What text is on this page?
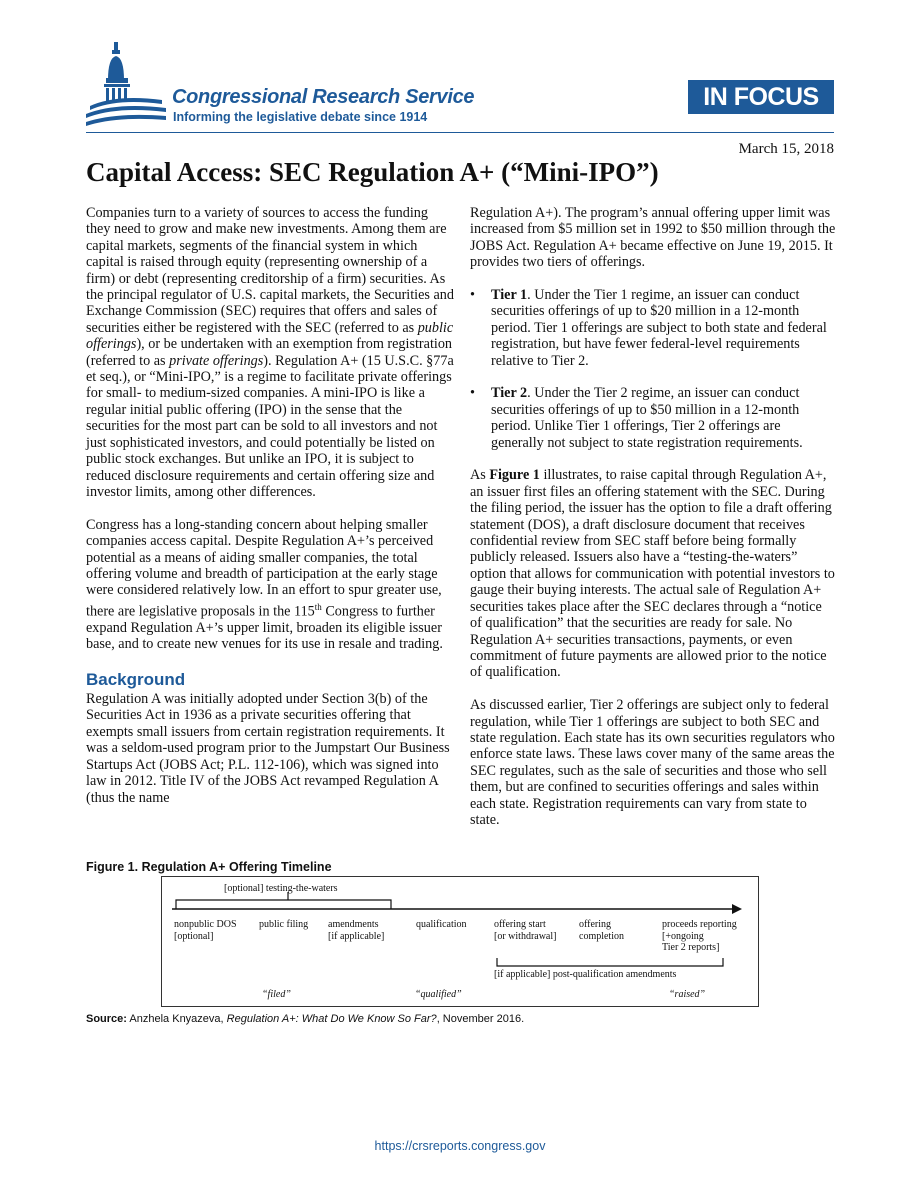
Congressional Research Service
Informing the legislative debate since 1914
IN FOCUS
March 15, 2018
Capital Access: SEC Regulation A+ (“Mini-IPO”)

Companies turn to a variety of sources to access the funding they need to grow and make new investments. Among them are capital markets, segments of the financial system in which capital is raised through equity (representing ownership of a firm) or debt (representing creditorship of a firm) securities. As the principal regulator of U.S. capital markets, the Securities and Exchange Commission (SEC) requires that offers and sales of securities either be registered with the SEC (referred to as public offerings), or be undertaken with an exemption from registration (referred to as private offerings). Regulation A+ (15 U.S.C. §77a et seq.), or “Mini-IPO,” is a regime to facilitate private offerings for small- to medium-sized companies. A mini-IPO is like a regular initial public offering (IPO) in the sense that the securities for the most part can be sold to all investors and not just sophisticated investors, and could potentially be listed on public stock exchanges. But unlike an IPO, it is subject to reduced disclosure requirements and certain offering size and investor limits, among other differences.

Congress has a long-standing concern about helping smaller companies access capital. Despite Regulation A+’s perceived potential as a means of aiding smaller companies, the total offering volume and breadth of participation at the early stage were considered relatively low. In an effort to spur greater use, there are legislative proposals in the 115th Congress to further expand Regulation A+’s upper limit, broaden its eligible issuer base, and to create new venues for its use in resale and trading.

Background

Regulation A was initially adopted under Section 3(b) of the Securities Act in 1936 as a private securities offering that exempts small issuers from certain registration requirements. It was a seldom-used program prior to the Jumpstart Our Business Startups Act (JOBS Act; P.L. 112-106), which was signed into law in 2012. Title IV of the JOBS Act revamped Regulation A (thus the name

Regulation A+). The program’s annual offering upper limit was increased from $5 million set in 1992 to $50 million through the JOBS Act. Regulation A+ became effective on June 19, 2015. It provides two tiers of offerings.

•	Tier 1. Under the Tier 1 regime, an issuer can conduct securities offerings of up to $20 million in a 12-month period. Tier 1 offerings are subject to both state and federal registration, but have fewer federal-level requirements relative to Tier 2.
•	Tier 2. Under the Tier 2 regime, an issuer can conduct securities offerings of up to $50 million in a 12-month period. Unlike Tier 1 offerings, Tier 2 offerings are generally not subject to state registration requirements.

As Figure 1 illustrates, to raise capital through Regulation A+, an issuer first files an offering statement with the SEC. During the filing period, the issuer has the option to file a draft offering statement (DOS), a draft disclosure document that receives confidential review from SEC staff before being formally publicly released. Issuers also have a “testing-the-waters” option that allows for communication with potential investors to gauge their buying interests. The actual sale of Regulation A+ securities takes place after the SEC declares through a “notice of qualification” that the securities are ready for sale. No Regulation A+ securities transactions, payments, or even commitment of future payments are allowed prior to the notice of qualification.

As discussed earlier, Tier 2 offerings are subject only to federal regulation, while Tier 1 offerings are subject to both SEC and state regulation. Each state has its own securities regulators who enforce state laws. These laws cover many of the same areas the SEC regulates, such as the sale of securities and those who sell them, but are confined to securities offerings and sales within each state. Registration requirements can vary from state to state.

Figure 1. Regulation A+ Offering Timeline
[optional] testing-the-waters
nonpublic DOS
[optional]
public filing amendments
[if applicable]
qualification	offering start
[or withdrawal]
offering
completion
proceeds reporting
[+ongoing
Tier 2 reports]
[if applicable] post-qualification amendments
“filed”	“qualified”	“raised”
Source: Anzhela Knyazeva, Regulation A+: What Do We Know So Far?, November 2016.
https://crsreports.congress.gov
